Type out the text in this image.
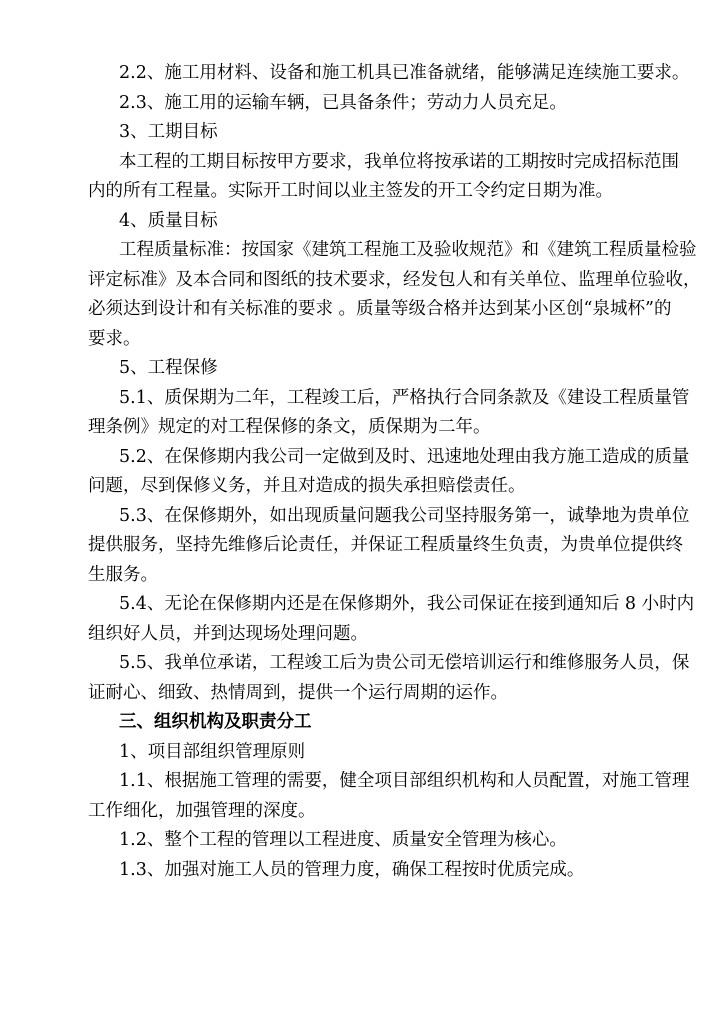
2.2、施工用材料、设备和施工机具已准备就绪，能够满足连续施工要求。
2.3、施工用的运输车辆，已具备条件；劳动力人员充足。
3、工期目标
本工程的工期目标按甲方要求，我单位将按承诺的工期按时完成招标范围
内的所有工程量。实际开工时间以业主签发的开工令约定日期为准。
4、质量目标
工程质量标准：按国家《建筑工程施工及验收规范》和《建筑工程质量检验
评定标准》及本合同和图纸的技术要求，经发包人和有关单位、监理单位验收，
必须达到设计和有关标准的要求 。质量等级合格并达到某小区创“泉城杯”的
要求。
5、工程保修
5.1、质保期为二年，工程竣工后，严格执行合同条款及《建设工程质量管
理条例》规定的对工程保修的条文，质保期为二年。
5.2、在保修期内我公司一定做到及时、迅速地处理由我方施工造成的质量
问题，尽到保修义务，并且对造成的损失承担赔偿责任。
5.3、在保修期外，如出现质量问题我公司坚持服务第一，诚挚地为贵单位
提供服务，坚持先维修后论责任，并保证工程质量终生负责，为贵单位提供终
生服务。
5.4、无论在保修期内还是在保修期外，我公司保证在接到通知后 8 小时内
组织好人员，并到达现场处理问题。
5.5、我单位承诺，工程竣工后为贵公司无偿培训运行和维修服务人员，保
证耐心、细致、热情周到，提供一个运行周期的运作。
三、组织机构及职责分工
1、项目部组织管理原则
1.1、根据施工管理的需要，健全项目部组织机构和人员配置，对施工管理
工作细化，加强管理的深度。
1.2、整个工程的管理以工程进度、质量安全管理为核心。
1.3、加强对施工人员的管理力度，确保工程按时优质完成。
